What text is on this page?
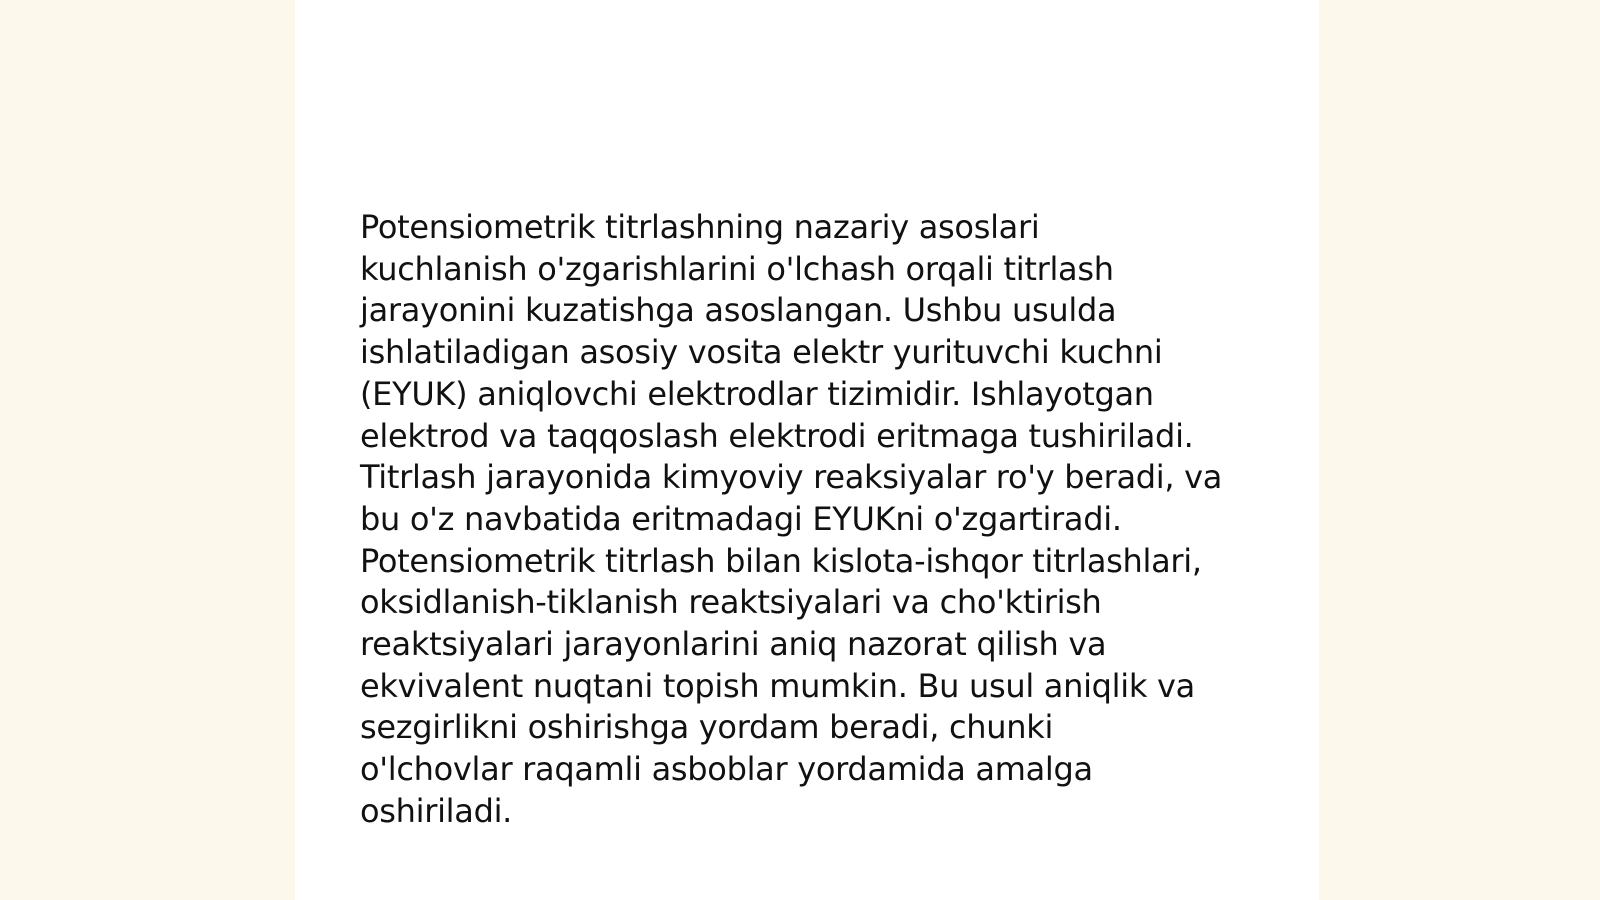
Potensiometrik titrlashning nazariy asoslari
kuchlanish o'zgarishlarini o'lchash orqali titrlash
jarayonini kuzatishga asoslangan. Ushbu usulda
ishlatiladigan asosiy vosita elektr yurituvchi kuchni
(EYUK) aniqlovchi elektrodlar tizimidir. Ishlayotgan
elektrod va taqqoslash elektrodi eritmaga tushiriladi.
Titrlash jarayonida kimyoviy reaksiyalar ro'y beradi, va
bu o'z navbatida eritmadagi EYUKni o'zgartiradi.
Potensiometrik titrlash bilan kislota-ishqor titrlashlari,
oksidlanish-tiklanish reaktsiyalari va cho'ktirish
reaktsiyalari jarayonlarini aniq nazorat qilish va
ekvivalent nuqtani topish mumkin. Bu usul aniqlik va
sezgirlikni oshirishga yordam beradi, chunki
o'lchovlar raqamli asboblar yordamida amalga
oshiriladi.
